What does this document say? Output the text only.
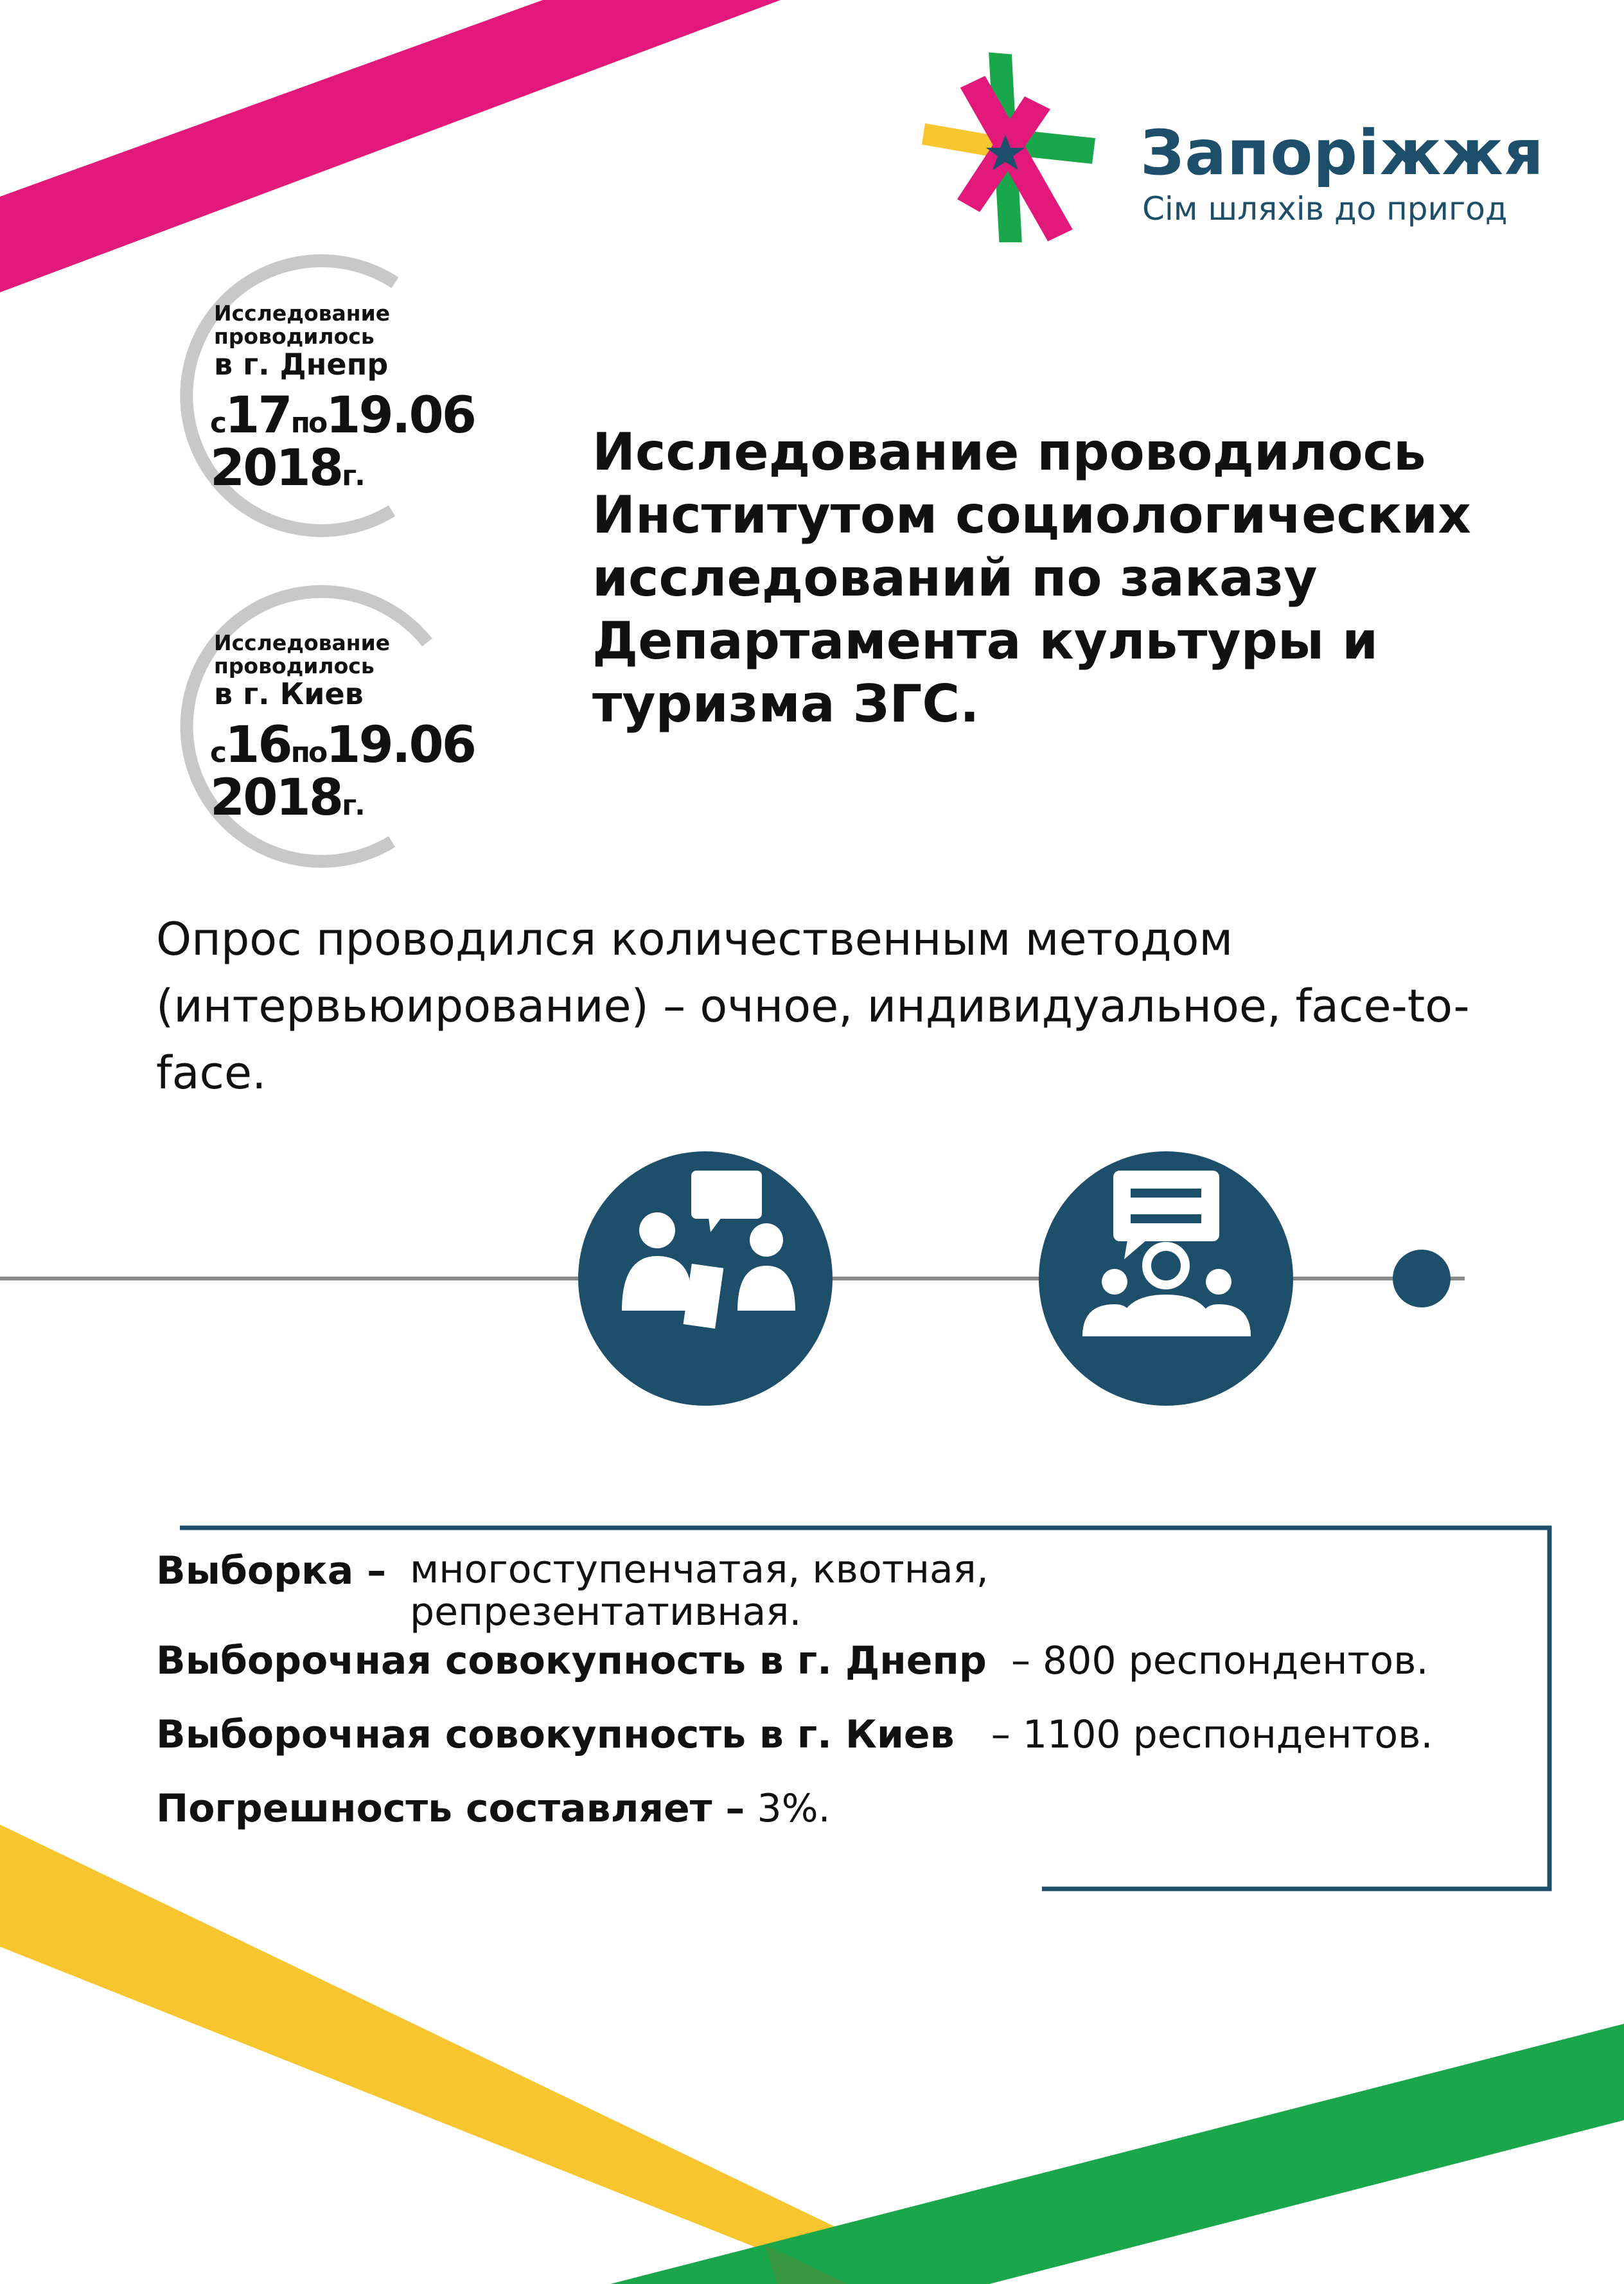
Запоріжжя
Сім шляхів до пригод
Исследование
проводилось
в г. Днепр
с17по19.06
2018г.
Исследование
проводилось
в г. Киев
с16по19.06
2018г.
Исследование проводилось Институтом социологических исследований по заказу Департамента культуры и туризма ЗГС.
Опрос проводился количественным методом (интервьюирование) – очное, индивидуальное, face-to-face.
Выборка – многоступенчатая, квотная, репрезентативная.
Выборочная совокупность в г. Днепр – 800 респондентов.
Выборочная совокупность в г. Киев – 1100 респондентов.
Погрешность составляет – 3%.
